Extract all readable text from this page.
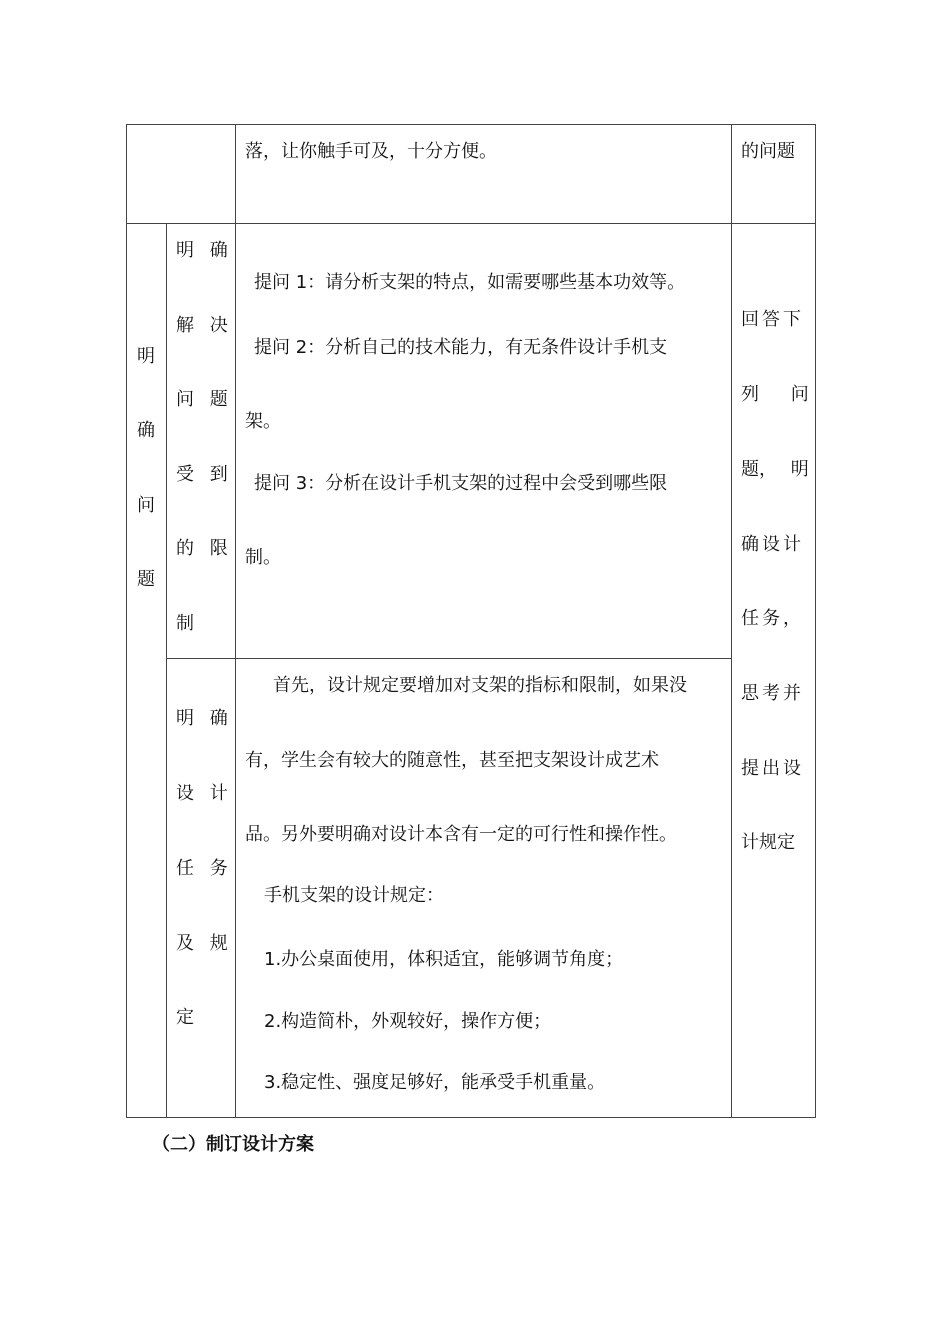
落，让你触手可及，十分方便。	的问题
明
确
问
题
明 确
解 决
问 题
受 到
的 限
制
提问 1：请分析支架的特点，如需要哪些基本功效等。
提问 2：分析自己的技术能力，有无条件设计手机支
架。
提问 3：分析在设计手机支架的过程中会受到哪些限
制。
明 确
设 计
任 务
及 规
定
首先，设计规定要增加对支架的指标和限制，如果没
有，学生会有较大的随意性，甚至把支架设计成艺术
品。另外要明确对设计本含有一定的可行性和操作性。
手机支架的设计规定：
1.办公桌面使用，体积适宜，能够调节角度；
2.构造简朴，外观较好，操作方便；
3.稳定性、强度足够好，能承受手机重量。
回答下
列 问
题， 明
确设计
任务，
思考并
提出设
计规定
（二）制订设计方案
